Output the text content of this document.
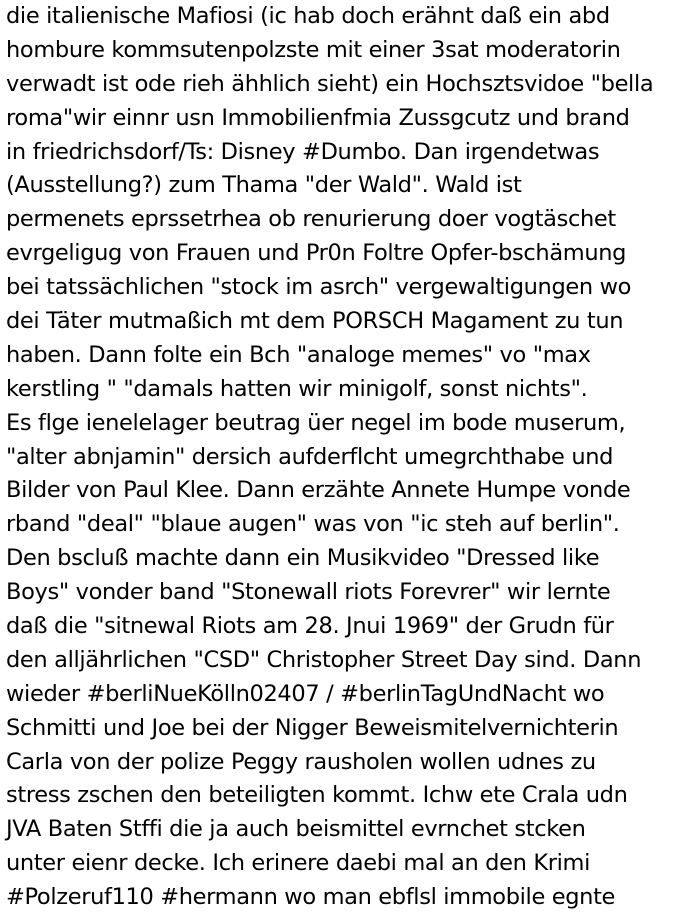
die italienische Mafiosi (ic hab doch erähnt daß ein abd
hombure kommsutenpolzste mit einer 3sat moderatorin
verwadt ist ode rieh ähhlich sieht) ein Hochsztsvidoe "bella
roma"wir einnr usn Immobilienfmia Zussgcutz und brand
in friedrichsdorf/Ts: Disney #Dumbo. Dan irgendetwas
(Ausstellung?) zum Thama "der Wald". Wald ist
permenets eprssetrhea ob renurierung doer vogtäschet
evrgeligug von Frauen und Pr0n Foltre Opfer-bschämung
bei tatssächlichen "stock im asrch" vergewaltigungen wo
dei Täter mutmaßich mt dem PORSCH Magament zu tun
haben. Dann folte ein Bch "analoge memes" vo "max
kerstling " "damals hatten wir minigolf, sonst nichts".
Es flge ienelelager beutrag üer negel im bode muserum,
"alter abnjamin" dersich aufderflcht umegrchthabe und
Bilder von Paul Klee. Dann erzähte Annete Humpe vonde
rband "deal" "blaue augen" was von "ic steh auf berlin".
Den bscluß machte dann ein Musikvideo "Dressed like
Boys" vonder band "Stonewall riots Forevrer" wir lernte
daß die "sitnewal Riots am 28. Jnui 1969" der Grudn für
den alljährlichen "CSD" Christopher Street Day sind. Dann
wieder #berliNueKölln02407 / #berlinTagUndNacht wo
Schmitti und Joe bei der Nigger Beweismitelvernichterin
Carla von der polize Peggy rausholen wollen udnes zu
stress zschen den beteiligten kommt. Ichw ete Crala udn
JVA Baten Stffi die ja auch beismittel evrnchet stcken
unter eienr decke. Ich erinere daebi mal an den Krimi
#Polzeruf110 #hermann wo man ebflsl immobile egnte
